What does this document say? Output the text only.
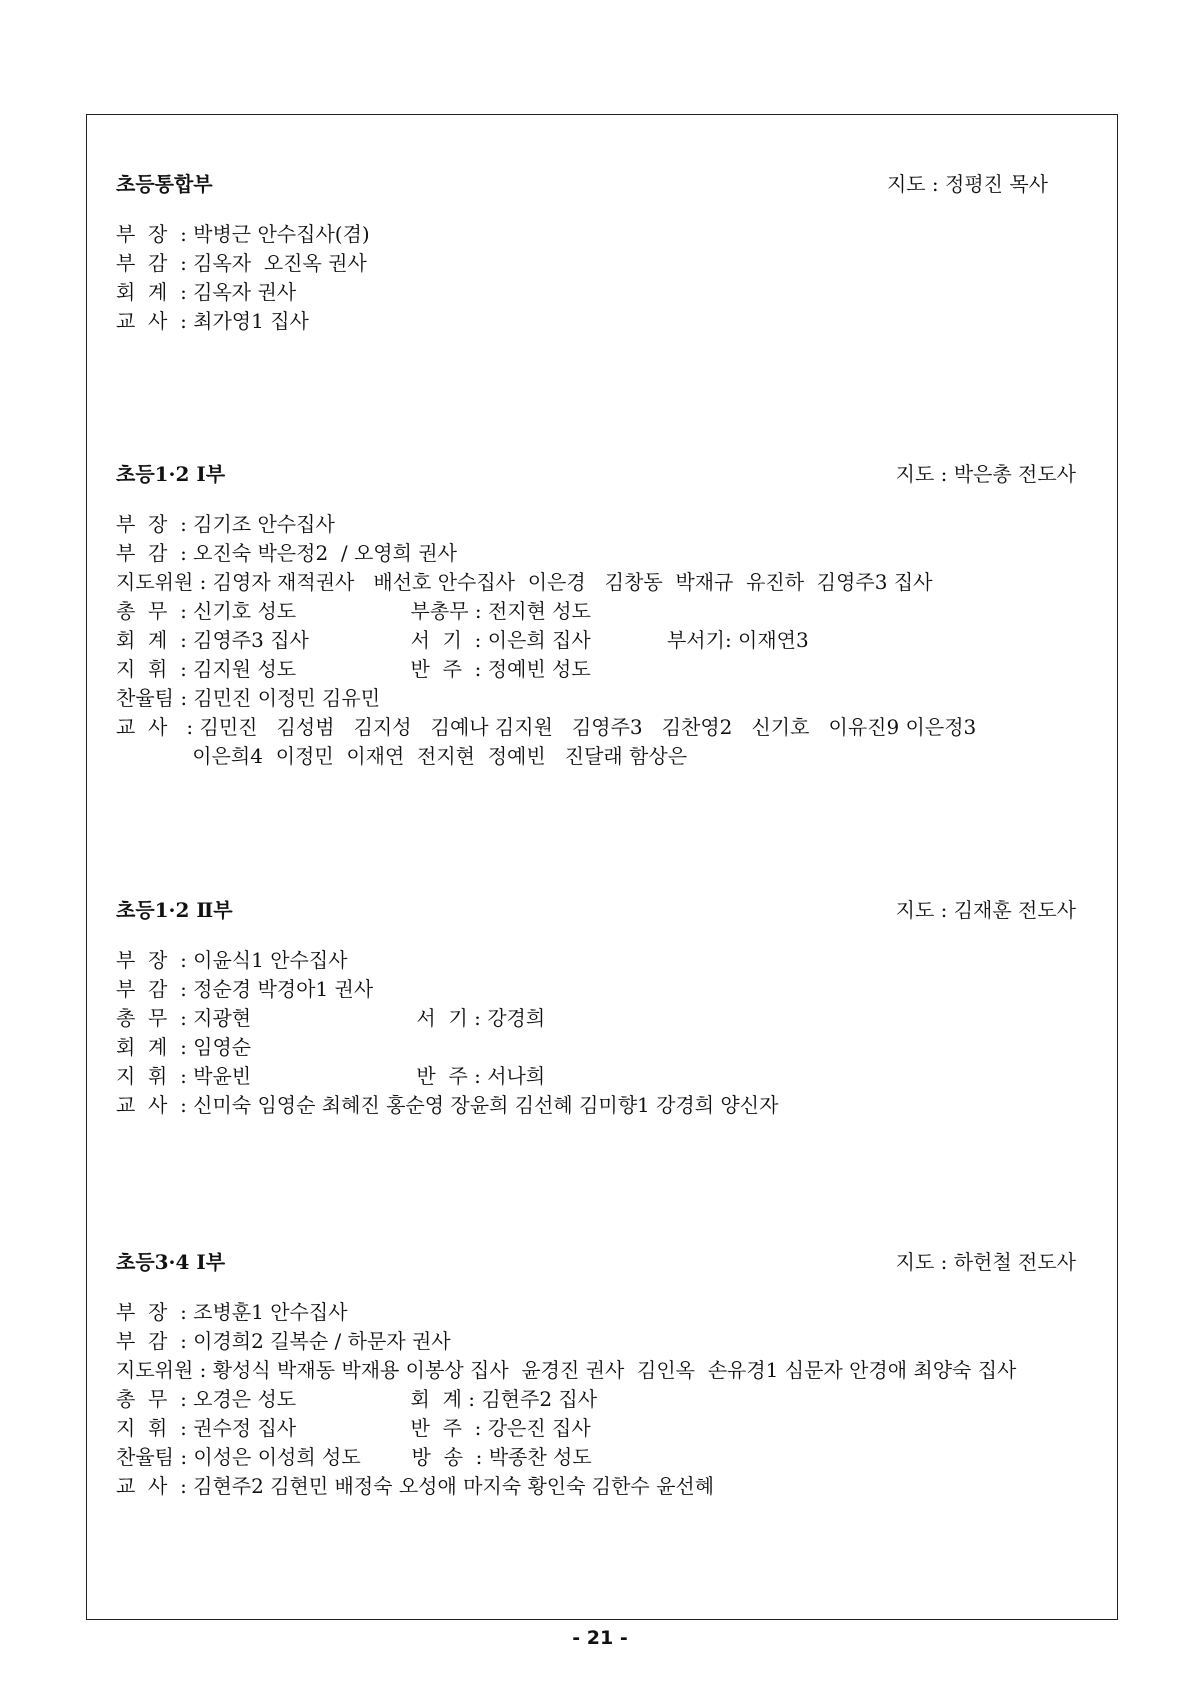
초등통합부	지도 : 정평진 목사
부  장  : 박병근 안수집사(겸)
부  감  : 김옥자  오진옥 권사
회  계  : 김옥자 권사
교  사  : 최가영1 집사
초등1·2 Ⅰ부	지도 : 박은총 전도사
부  장  : 김기조 안수집사
부  감  : 오진숙 박은정2  / 오영희 권사
지도위원 : 김영자 재적권사   배선호 안수집사  이은경   김창동  박재규  유진하  김영주3 집사
총  무  : 신기호 성도                  부총무 : 전지현 성도
회  계  : 김영주3 집사                서  기  : 이은희 집사            부서기: 이재연3
지  휘  : 김지원 성도                  반  주  : 정예빈 성도
찬율팀 : 김민진 이정민 김유민
교  사   : 김민진   김성범   김지성   김예나 김지원   김영주3   김찬영2   신기호   이유진9 이은정3
이은희4  이정민  이재연  전지현  정예빈   진달래 함상은
초등1·2 Ⅱ부	지도 : 김재훈 전도사
부  장  : 이윤식1 안수집사
부  감  : 정순경 박경아1 권사
총  무  : 지광현                          서  기 : 강경희
회  계  : 임영순
지  휘  : 박윤빈                          반  주 : 서나희
교  사  : 신미숙 임영순 최혜진 홍순영 장윤희 김선혜 김미향1 강경희 양신자
초등3·4 Ⅰ부	지도 : 하헌철 전도사
부  장  : 조병훈1 안수집사
부  감  : 이경희2 길복순 / 하문자 권사
지도위원 : 황성식 박재동 박재용 이봉상 집사  윤경진 권사  김인옥  손유경1 심문자 안경애 최양숙 집사
총  무  : 오경은 성도                  회  계 : 김현주2 집사
지  휘  : 권수정 집사                  반  주  : 강은진 집사
찬율팀 : 이성은 이성희 성도        방  송  : 박종찬 성도
교  사  : 김현주2 김현민 배정숙 오성애 마지숙 황인숙 김한수 윤선혜
- 21 -
